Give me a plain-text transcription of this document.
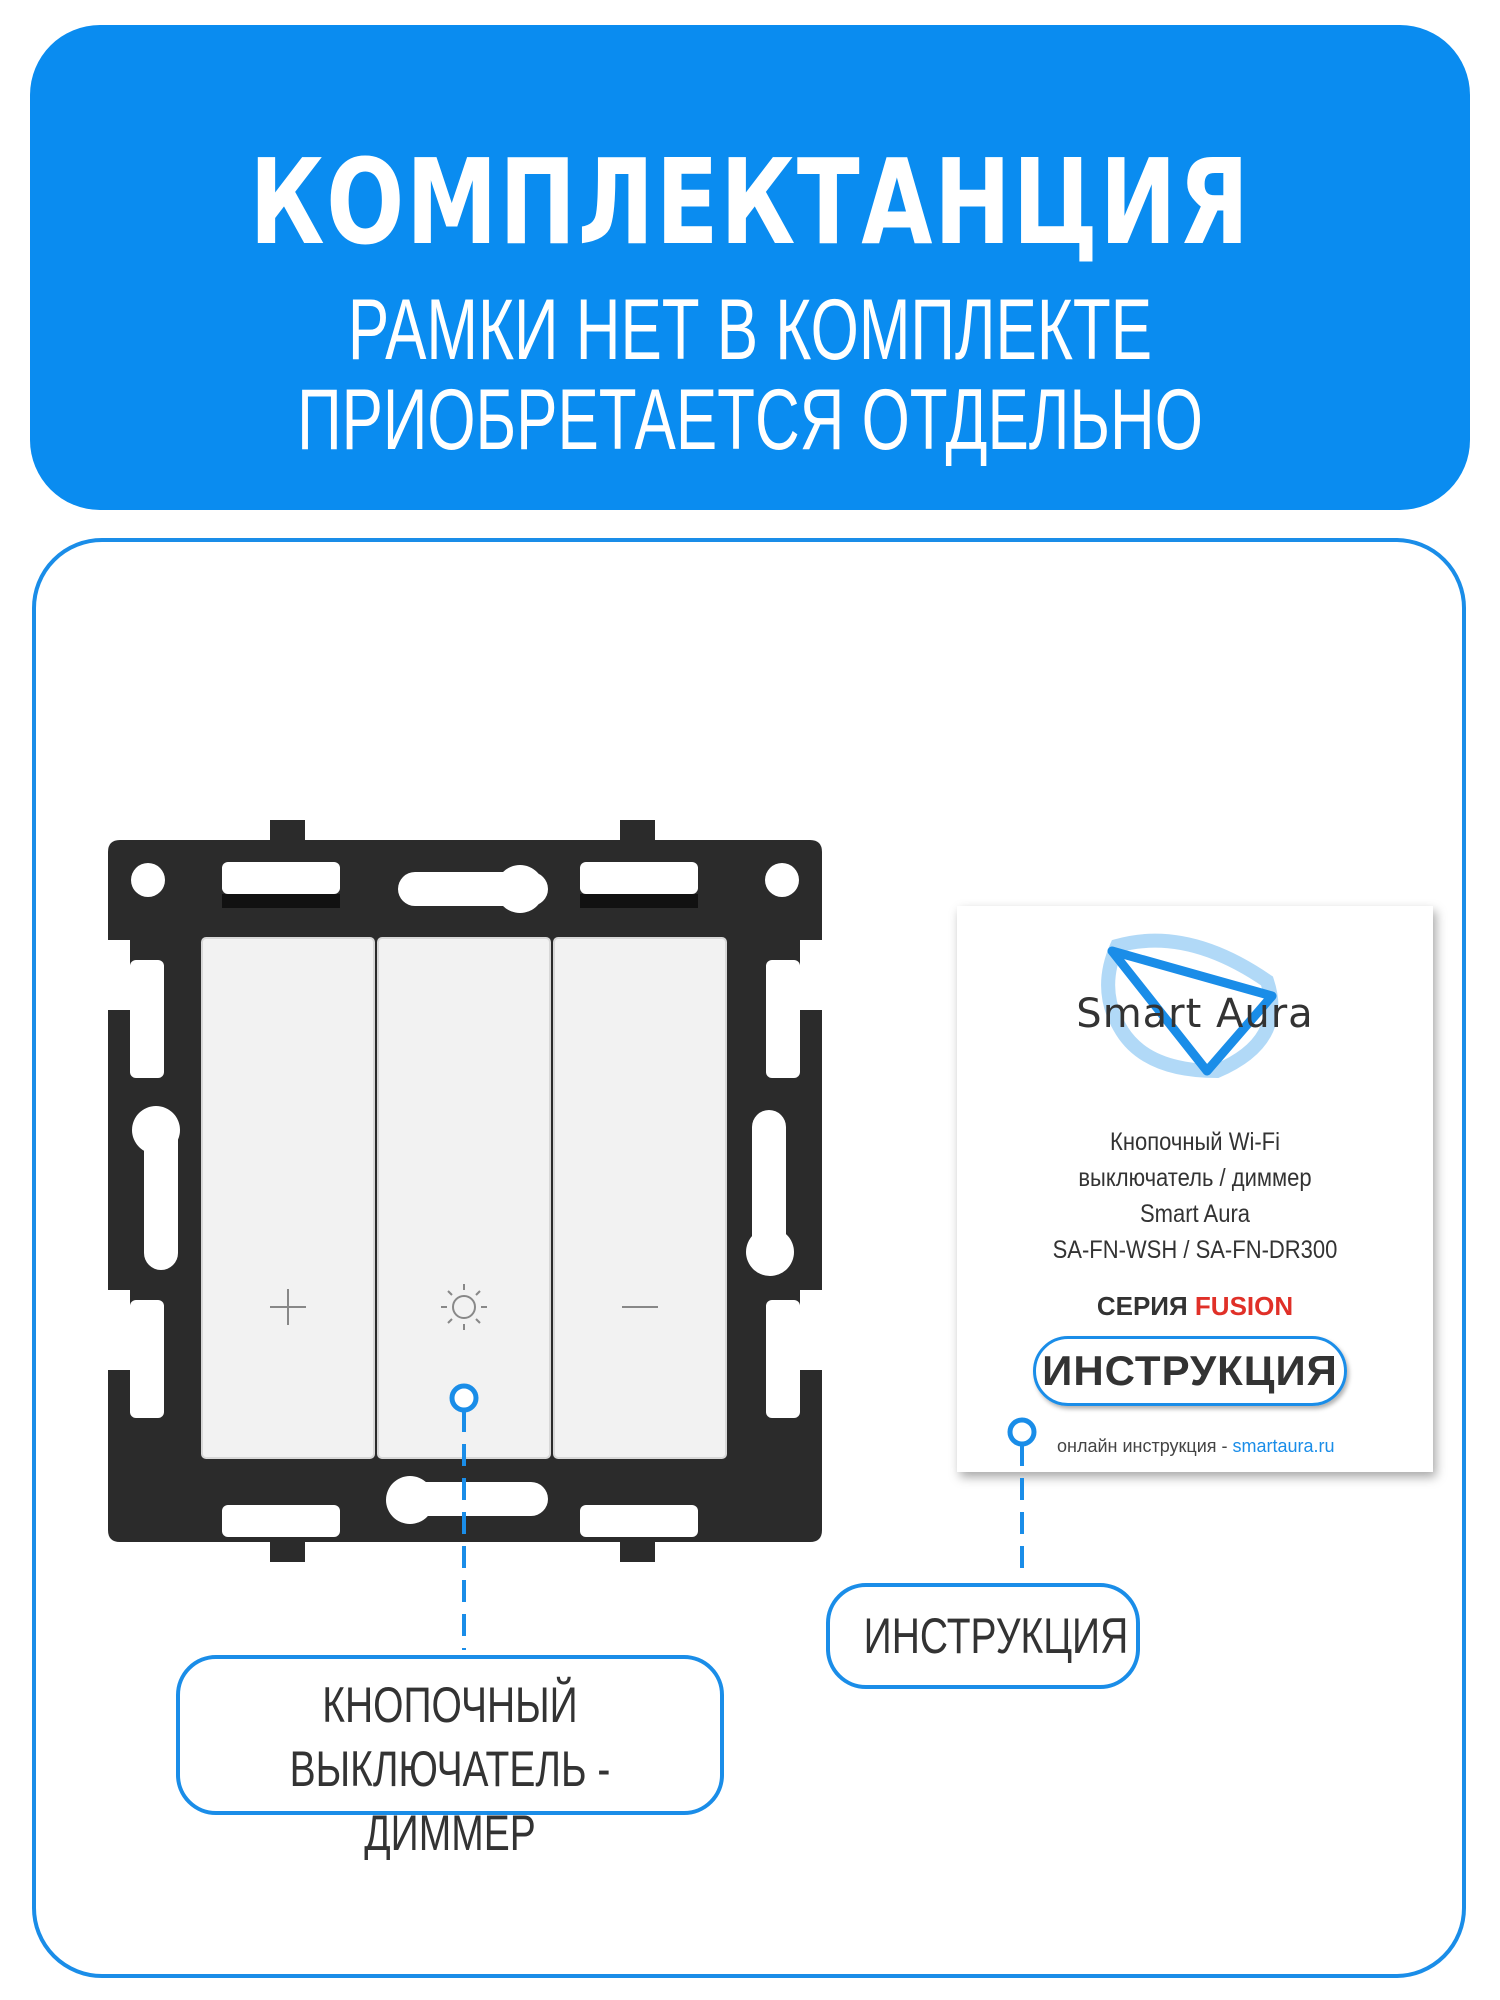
КОМПЛЕКТАНЦИЯ
РАМКИ НЕТ В КОМПЛЕКТЕ
ПРИОБРЕТАЕТСЯ ОТДЕЛЬНО
Smart Aura
Кнопочный Wi-Fi
выключатель / диммер
Smart Aura
SA-FN-WSH / SA-FN-DR300
СЕРИЯ FUSION
ИНСТРУКЦИЯ
онлайн инструкция - smartaura.ru
КНОПОЧНЫЙ
ВЫКЛЮЧАТЕЛЬ - ДИММЕР
ИНСТРУКЦИЯ
